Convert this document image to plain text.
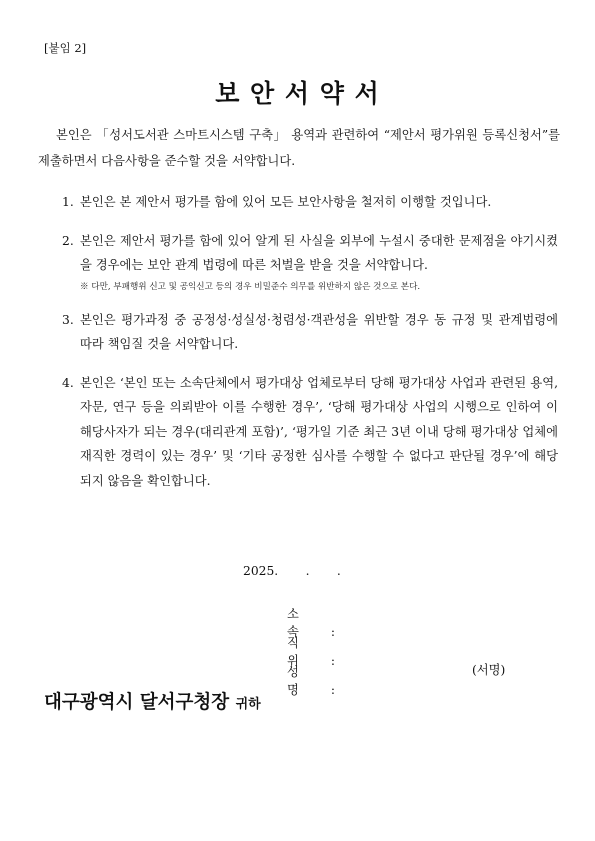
[붙임 2]
보 안 서 약 서
본인은 「성서도서관 스마트시스템 구축」 용역과 관련하여 “제안서 평가위원 등록신청서”를 제출하면서 다음사항을 준수할 것을 서약합니다.
1. 본인은 본 제안서 평가를 함에 있어 모든 보안사항을 철저히 이행할 것입니다.
2. 본인은 제안서 평가를 함에 있어 알게 된 사실을 외부에 누설시 중대한 문제점을 야기시켰을 경우에는 보안 관계 법령에 따른 처벌을 받을 것을 서약합니다.
※ 다만, 부패행위 신고 및 공익신고 등의 경우 비밀준수 의무를 위반하지 않은 것으로 본다.
3. 본인은 평가과정 중 공정성·성실성·청렴성·객관성을 위반할 경우 동 규정 및 관계법령에 따라 책임질 것을 서약합니다.
4. 본인은 ‘본인 또는 소속단체에서 평가대상 업체로부터 당해 평가대상 사업과 관련된 용역, 자문, 연구 등을 의뢰받아 이를 수행한 경우’, ‘당해 평가대상 사업의 시행으로 인하여 이해당사자가 되는 경우(대리관계 포함)’, ‘평가일 기준 최근 3년 이내 당해 평가대상 업체에 재직한 경력이 있는 경우’ 및 ‘기타 공정한 심사를 수행할 수 없다고 판단될 경우’에 해당되지 않음을 확인합니다.
2025.       .       .
소 속 :
직 위 :
성 명 :
(서명)
대구광역시 달서구청장 귀하
